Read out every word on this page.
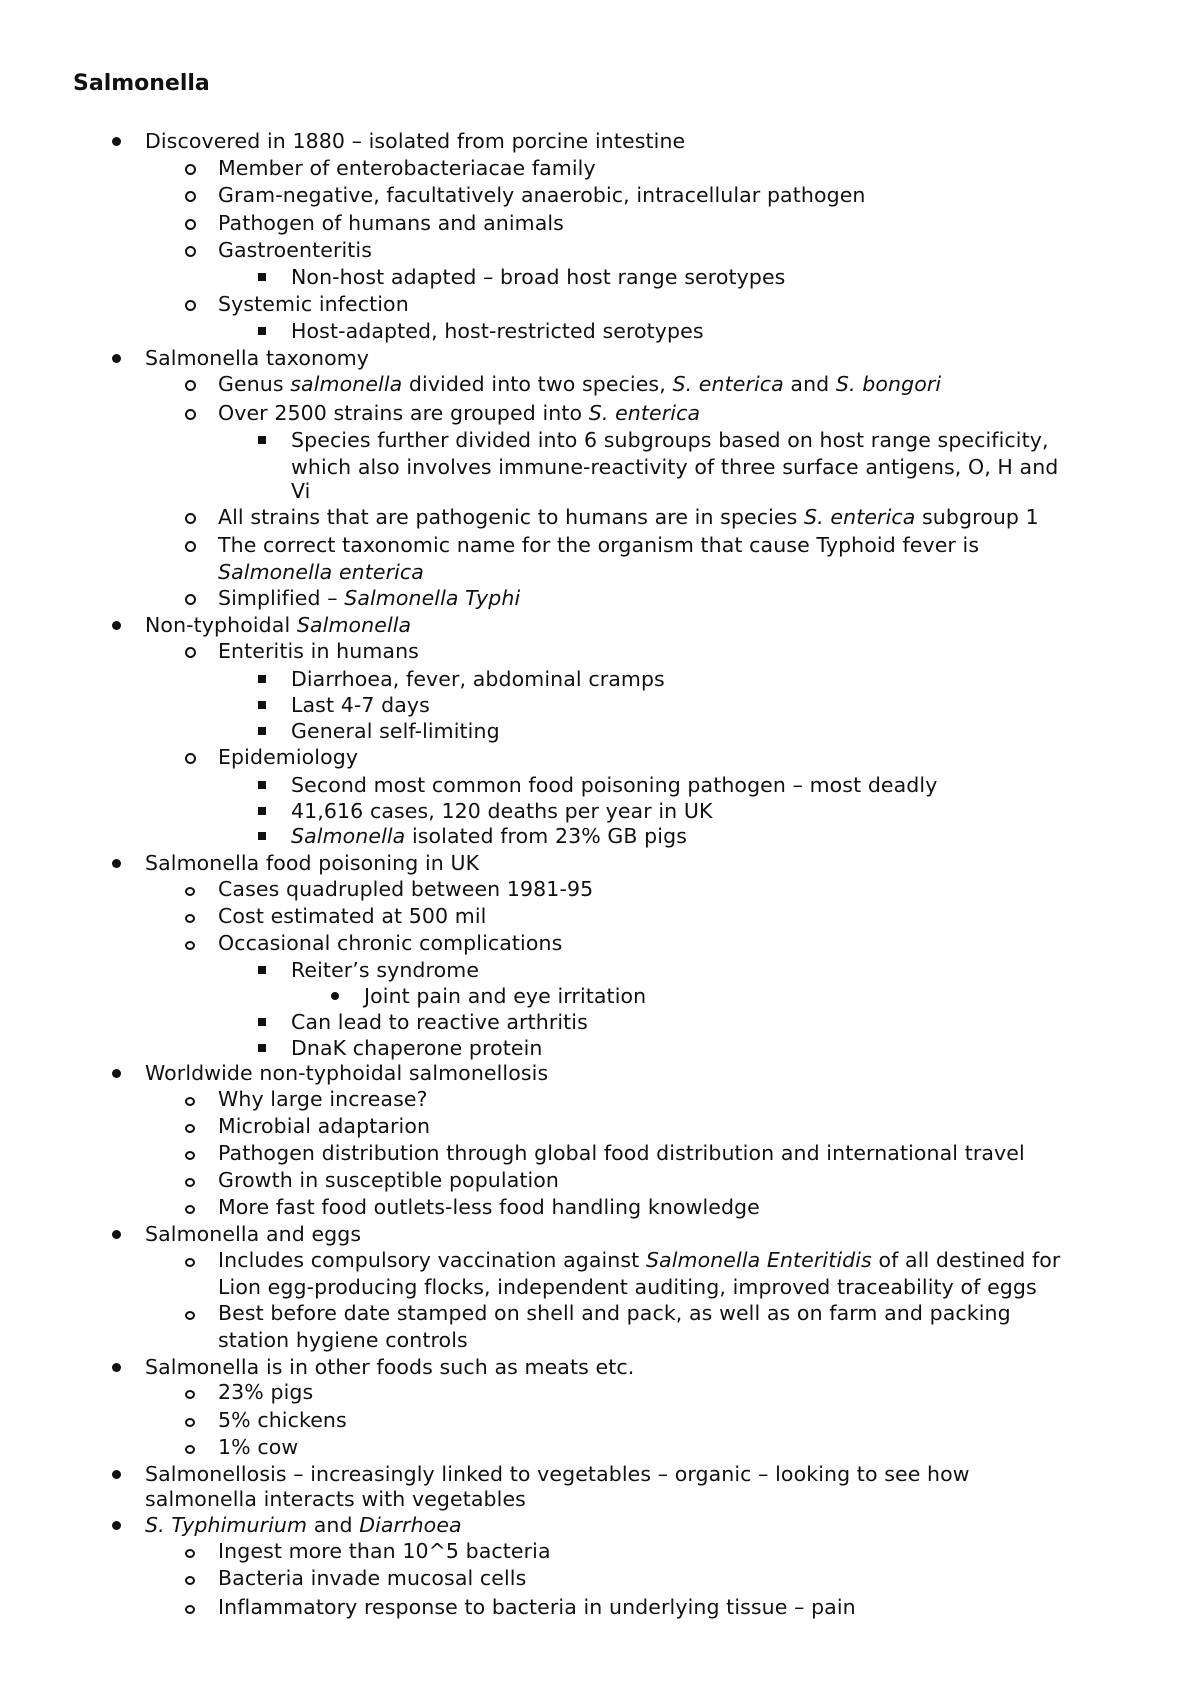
Salmonella
Discovered in 1880 – isolated from porcine intestine
Member of enterobacteriacae family
Gram-negative, facultatively anaerobic, intracellular pathogen
Pathogen of humans and animals
Gastroenteritis
Non-host adapted – broad host range serotypes
Systemic infection
Host-adapted, host-restricted serotypes
Salmonella taxonomy
Genus salmonella divided into two species, S. enterica and S. bongori
Over 2500 strains are grouped into S. enterica
Species further divided into 6 subgroups based on host range specificity,
which also involves immune-reactivity of three surface antigens, O, H and
Vi
All strains that are pathogenic to humans are in species S. enterica subgroup 1
The correct taxonomic name for the organism that cause Typhoid fever is
Salmonella enterica
Simplified – Salmonella Typhi
Non-typhoidal Salmonella
Enteritis in humans
Diarrhoea, fever, abdominal cramps
Last 4-7 days
General self-limiting
Epidemiology
Second most common food poisoning pathogen – most deadly
41,616 cases, 120 deaths per year in UK
Salmonella isolated from 23% GB pigs
Salmonella food poisoning in UK
Cases quadrupled between 1981-95
Cost estimated at 500 mil
Occasional chronic complications
Reiter’s syndrome
Joint pain and eye irritation
Can lead to reactive arthritis
DnaK chaperone protein
Worldwide non-typhoidal salmonellosis
Why large increase?
Microbial adaptarion
Pathogen distribution through global food distribution and international travel
Growth in susceptible population
More fast food outlets-less food handling knowledge
Salmonella and eggs
Includes compulsory vaccination against Salmonella Enteritidis of all destined for
Lion egg-producing flocks, independent auditing, improved traceability of eggs
Best before date stamped on shell and pack, as well as on farm and packing
station hygiene controls
Salmonella is in other foods such as meats etc.
23% pigs
5% chickens
1% cow
Salmonellosis – increasingly linked to vegetables – organic – looking to see how
salmonella interacts with vegetables
S. Typhimurium and Diarrhoea
Ingest more than 10^5 bacteria
Bacteria invade mucosal cells
Inflammatory response to bacteria in underlying tissue – pain
